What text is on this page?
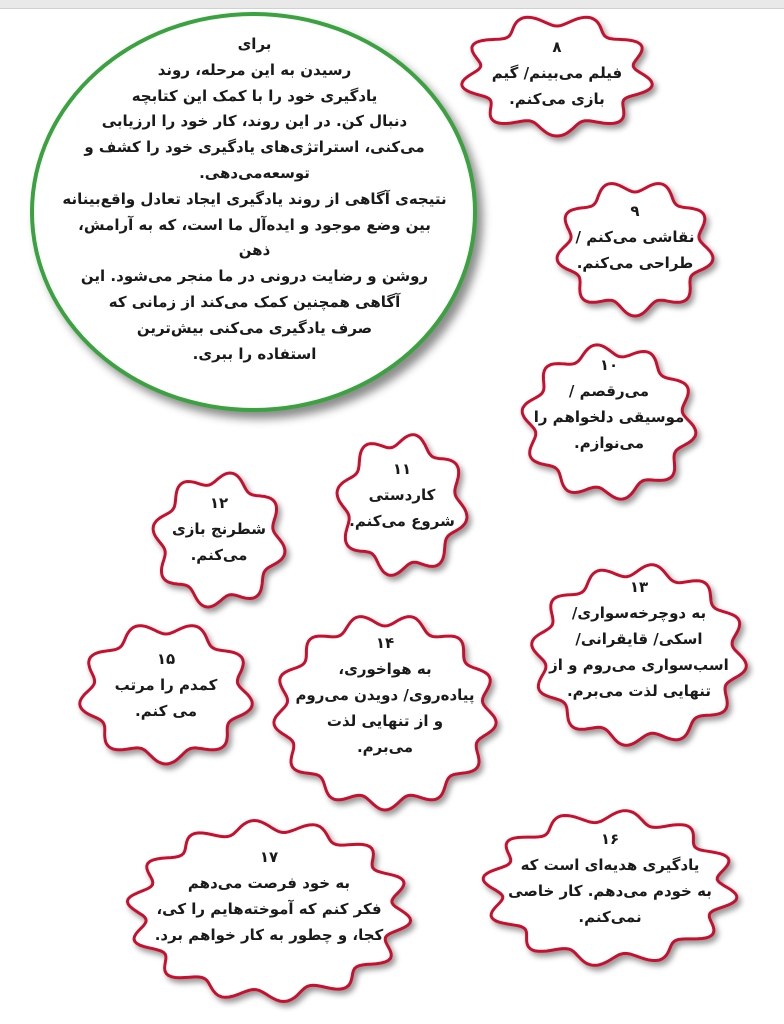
برای

رسیدن به این مرحله، روند

یادگیری خود را با کمک این کتابچه

دنبال کن. در این روند، کار خود را ارزیابی

می‌کنی، استراتژی‌های یادگیری خود را کشف و

توسعه‌می‌دهی.

نتیجه‌ی آگاهی از روند یادگیری ایجاد تعادل واقع‌بینانه

بین وضع موجود و ایده‌آل ما است، که به آرامش، ذهن

روشن و رضایت درونی در ما منجر می‌شود. این

آگاهی همچنین کمک می‌کند از زمانی که

صرف یادگیری می‌کنی بیش‌ترین

استفاده را ببری.

۸
فیلم می‌بینم/ گیم
بازی می‌کنم.
۹
نقاشی می‌کنم /
طراحی می‌کنم.
۱۰
می‌رقصم /
موسیقی دلخواهم را
می‌نوازم.
۱۱
کاردستی
شروع می‌کنم.
۱۲
شطرنج بازی
می‌کنم.
۱۳
به دوچرخه‌سواری/
اسکی/ قایقرانی/
اسب‌سواری می‌روم و از
تنهایی لذت می‌برم.
۱۴
به هواخوری،
پیاده‌روی/ دویدن می‌روم
و از تنهایی لذت
می‌برم.
۱۵
کمدم را مرتب
می کنم.
۱۶
یادگیری هدیه‌ای است که
به خودم می‌دهم. کار خاصی
نمی‌کنم.
۱۷
به خود فرصت می‌دهم
فکر کنم که آموخته‌هایم را کی،
کجا، و چطور به کار خواهم برد.
